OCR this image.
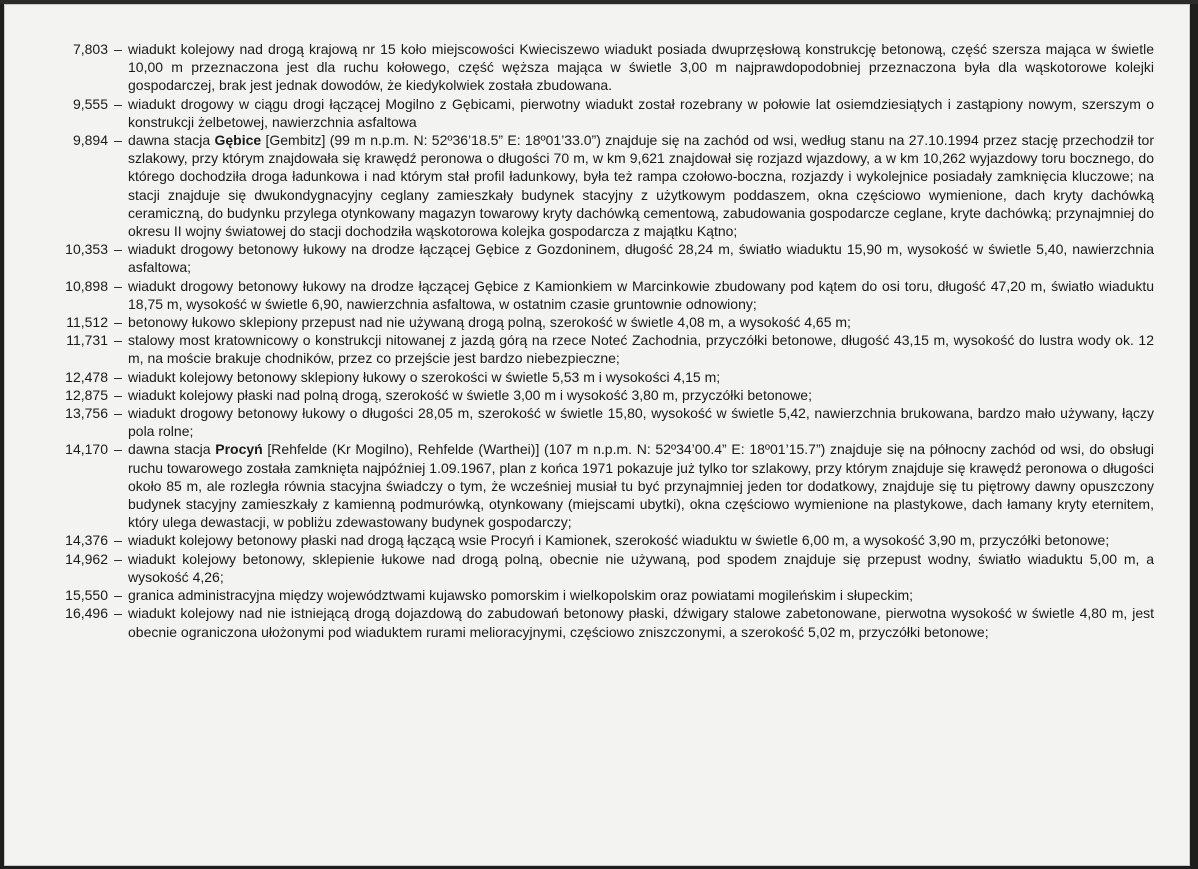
7,803 – wiadukt kolejowy nad drogą krajową nr 15 koło miejscowości Kwieciszewo wiadukt posiada dwuprzęsłową konstrukcję betonową, część szersza mająca w świetle 10,00 m przeznaczona jest dla ruchu kołowego, część węższa mająca w świetle 3,00 m najprawdopodobniej przeznaczona była dla wąskotorowe kolejki gospodarczej, brak jest jednak dowodów, że kiedykolwiek została zbudowana.
9,555 – wiadukt drogowy w ciągu drogi łączącej Mogilno z Gębicami, pierwotny wiadukt został rozebrany w połowie lat osiemdziesiątych i zastąpiony nowym, szerszym o konstrukcji żelbetowej, nawierzchnia asfaltowa
9,894 – dawna stacja Gębice [Gembitz] (99 m n.p.m. N: 52º36’18.5” E: 18º01’33.0”) znajduje się na zachód od wsi, według stanu na 27.10.1994 przez stację przechodził tor szlakowy, przy którym znajdowała się krawędź peronowa o długości 70 m, w km 9,621 znajdował się rozjazd wjazdowy, a w km 10,262 wyjazdowy toru bocznego, do którego dochodziła droga ładunkowa i nad którym stał profil ładunkowy, była też rampa czołowo-boczna, rozjazdy i wykolejnice posiadały zamknięcia kluczowe; na stacji znajduje się dwukondygnacyjny ceglany zamieszkały budynek stacyjny z użytkowym poddaszem, okna częściowo wymienione, dach kryty dachówką ceramiczną, do budynku przylega otynkowany magazyn towarowy kryty dachówką cementową, zabudowania gospodarcze ceglane, kryte dachówką; przynajmniej do okresu II wojny światowej do stacji dochodziła wąskotorowa kolejka gospodarcza z majątku Kątno;
10,353 – wiadukt drogowy betonowy łukowy na drodze łączącej Gębice z Gozdoninem, długość 28,24 m, światło wiaduktu 15,90 m, wysokość w świetle 5,40, nawierzchnia asfaltowa;
10,898 – wiadukt drogowy betonowy łukowy na drodze łączącej Gębice z Kamionkiem w Marcinkowie zbudowany pod kątem do osi toru, długość 47,20 m, światło wiaduktu 18,75 m, wysokość w świetle 6,90, nawierzchnia asfaltowa, w ostatnim czasie gruntownie odnowiony;
11,512 – betonowy łukowo sklepiony przepust nad nie używaną drogą polną, szerokość w świetle 4,08 m, a wysokość 4,65 m;
11,731 – stalowy most kratownicowy o konstrukcji nitowanej z jazdą górą na rzece Noteć Zachodnia, przyczółki betonowe, długość 43,15 m, wysokość do lustra wody ok. 12 m, na moście brakuje chodników, przez co przejście jest bardzo niebezpieczne;
12,478 – wiadukt kolejowy betonowy sklepiony łukowy o szerokości w świetle 5,53 m i wysokości 4,15 m;
12,875 – wiadukt kolejowy płaski nad polną drogą, szerokość w świetle 3,00 m i wysokość 3,80 m, przyczółki betonowe;
13,756 – wiadukt drogowy betonowy łukowy o długości 28,05 m, szerokość w świetle 15,80, wysokość w świetle 5,42, nawierzchnia brukowana, bardzo mało używany, łączy pola rolne;
14,170 – dawna stacja Procyń [Rehfelde (Kr Mogilno), Rehfelde (Warthei)] (107 m n.p.m. N: 52º34’00.4” E: 18º01’15.7”) znajduje się na północny zachód od wsi, do obsługi ruchu towarowego została zamknięta najpóźniej 1.09.1967, plan z końca 1971 pokazuje już tylko tor szlakowy, przy którym znajduje się krawędź peronowa o długości około 85 m, ale rozległa równia stacyjna świadczy o tym, że wcześniej musiał tu być przynajmniej jeden tor dodatkowy, znajduje się tu piętrowy dawny opuszczony budynek stacyjny zamieszkały z kamienną podmurówką, otynkowany (miejscami ubytki), okna częściowo wymienione na plastykowe, dach łamany kryty eternitem, który ulega dewastacji, w pobliżu zdewastowany budynek gospodarczy;
14,376 – wiadukt kolejowy betonowy płaski nad drogą łączącą wsie Procyń i Kamionek, szerokość wiaduktu w świetle 6,00 m, a wysokość 3,90 m, przyczółki betonowe;
14,962 – wiadukt kolejowy betonowy, sklepienie łukowe nad drogą polną, obecnie nie używaną, pod spodem znajduje się przepust wodny, światło wiaduktu 5,00 m, a wysokość 4,26;
15,550 – granica administracyjna między województwami kujawsko pomorskim i wielkopolskim oraz powiatami mogileńskim i słupeckim;
16,496 – wiadukt kolejowy nad nie istniejącą drogą dojazdową do zabudowań betonowy płaski, dźwigary stalowe zabetonowane, pierwotna wysokość w świetle 4,80 m, jest obecnie ograniczona ułożonymi pod wiaduktem rurami melioracyjnymi, częściowo zniszczonymi, a szerokość 5,02 m, przyczółki betonowe;
